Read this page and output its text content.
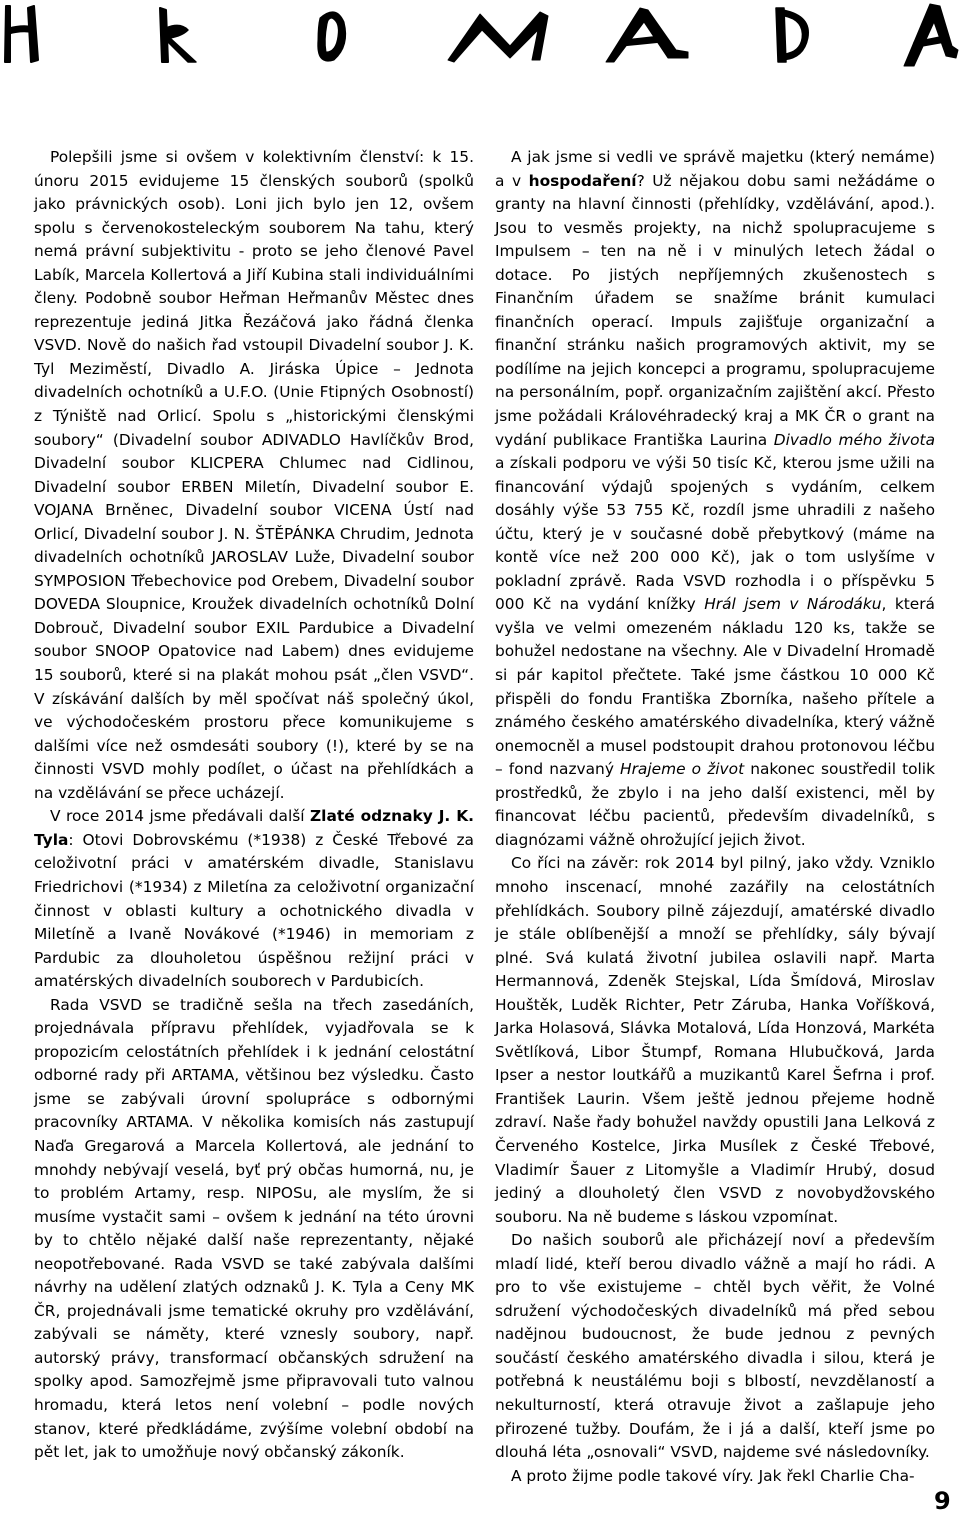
Polepšili jsme si ovšem v kolektivním členství: k 15. únoru 2015 evidujeme 15 členských souborů (spolků jako právnických osob). Loni jich bylo jen 12, ovšem spolu s červenokosteleckým souborem Na tahu, který nemá právní subjektivitu - proto se jeho členové Pavel Labík, Marcela Kollertová a Jiří Kubina stali individuálními členy. Podobně soubor Heřman Heřmanův Městec dnes reprezentuje jediná Jitka Řezáčová jako řádná členka VSVD. Nově do našich řad vstoupil Divadelní soubor J. K. Tyl Meziměstí, Divadlo A. Jiráska Úpice – Jednota divadelních ochotníků a U.F.O. (Unie Ftipných Osobností) z Týniště nad Orlicí. Spolu s „historickými členskými soubory“ (Divadelní soubor ADIVADLO Havlíčkův Brod, Divadelní soubor KLICPERA Chlumec nad Cidlinou, Divadelní soubor ERBEN Miletín, Divadelní soubor E. VOJANA Brněnec, Divadelní soubor VICENA Ústí nad Orlicí, Divadelní soubor J. N. ŠTĚPÁNKA Chrudim, Jednota divadelních ochotníků JAROSLAV Luže, Divadelní soubor SYMPOSION Třebechovice pod Orebem, Divadelní soubor DOVEDA Sloupnice, Kroužek divadelních ochotníků Dolní Dobrouč, Divadelní soubor EXIL Pardubice a Divadelní soubor SNOOP Opatovice nad Labem) dnes evidujeme 15 souborů, které si na plakát mohou psát „člen VSVD“. V získávání dalších by měl spočívat náš společný úkol, ve východočeském prostoru přece komunikujeme s dalšími více než osmdesáti soubory (!), které by se na činnosti VSVD mohly podílet, o účast na přehlídkách a na vzdělávání se přece ucházejí.

V roce 2014 jsme předávali další Zlaté odznaky J. K. Tyla: Otovi Dobrovskému (*1938) z České Třebové za celoživotní práci v amatérském divadle, Stanislavu Friedrichovi (*1934) z Miletína za celoživotní organizační činnost v oblasti kultury a ochotnického divadla v Miletíně a Ivaně Novákové (*1946) in memoriam z Pardubic za dlouholetou úspěšnou režijní práci v amatérských divadelních souborech v Pardubicích.

Rada VSVD se tradičně sešla na třech zasedáních, projednávala přípravu přehlídek, vyjadřovala se k propozicím celostátních přehlídek i k jednání celostátní odborné rady při ARTAMA, většinou bez výsledku. Často jsme se zabývali úrovní spolupráce s odbornými pracovníky ARTAMA. V několika komisích nás zastupují Naďa Gregarová a Marcela Kollertová, ale jednání to mnohdy nebývají veselá, byť prý občas humorná, nu, je to problém Artamy, resp. NIPOSu, ale myslím, že si musíme vystačit sami – ovšem k jednání na této úrovni by to chtělo nějaké další naše reprezentanty, nějaké neopotřebované. Rada VSVD se také zabývala dalšími návrhy na udělení zlatých odznaků J. K. Tyla a Ceny MK ČR, projednávali jsme tematické okruhy pro vzdělávání, zabývali se náměty, které vznesly soubory, např. autorský právy, transformací občanských sdružení na spolky apod. Samozřejmě jsme připravovali tuto valnou hromadu, která letos není volební – podle nových stanov, které předkládáme, zvýšíme volební období na pět let, jak to umožňuje nový občanský zákoník.

A jak jsme si vedli ve správě majetku (který nemáme) a v hospodaření? Už nějakou dobu sami nežádáme o granty na hlavní činnosti (přehlídky, vzdělávání, apod.). Jsou to vesměs projekty, na nichž spolupracujeme s Impulsem – ten na ně i v minulých letech žádal o dotace. Po jistých nepříjemných zkušenostech s Finančním úřadem se snažíme bránit kumulaci finančních operací. Impuls zajišťuje organizační a finanční stránku našich programových aktivit, my se podílíme na jejich koncepci a programu, spolupracujeme na personálním, popř. organizačním zajištění akcí. Přesto jsme požádali Královéhradecký kraj a MK ČR o grant na vydání publikace Františka Laurina Divadlo mého života a získali podporu ve výši 50 tisíc Kč, kterou jsme užili na financování výdajů spojených s vydáním, celkem dosáhly výše 53 755 Kč, rozdíl jsme uhradili z našeho účtu, který je v současné době přebytkový (máme na kontě více než 200 000 Kč), jak o tom uslyšíme v pokladní zprávě. Rada VSVD rozhodla i o příspěvku 5 000 Kč na vydání knížky Hrál jsem v Národáku, která vyšla ve velmi omezeném nákladu 120 ks, takže se bohužel nedostane na všechny. Ale v Divadelní Hromadě si pár kapitol přečtete. Také jsme částkou 10 000 Kč přispěli do fondu Františka Zborníka, našeho přítele a známého českého amatérského divadelníka, který vážně onemocněl a musel podstoupit drahou protonovou léčbu – fond nazvaný Hrajeme o život nakonec soustředil tolik prostředků, že zbylo i na jeho další existenci, měl by financovat léčbu pacientů, především divadelníků, s diagnózami vážně ohrožující jejich život.

Co říci na závěr: rok 2014 byl pilný, jako vždy. Vzniklo mnoho inscenací, mnohé zazářily na celostátních přehlídkách. Soubory pilně zájezdují, amatérské divadlo je stále oblíbenější a množí se přehlídky, sály bývají plné. Svá kulatá životní jubilea oslavili např. Marta Hermannová, Zdeněk Stejskal, Lída Šmídová, Miroslav Houštěk, Luděk Richter, Petr Záruba, Hanka Voříšková, Jarka Holasová, Slávka Motalová, Lída Honzová, Markéta Světlíková, Libor Štumpf, Romana Hlubučková, Jarda Ipser a nestor loutkářů a muzikantů Karel Šefrna i prof. František Laurin. Všem ještě jednou přejeme hodně zdraví. Naše řady bohužel navždy opustili Jana Lelková z Červeného Kostelce, Jirka Musílek z České Třebové, Vladimír Šauer z Litomyšle a Vladimír Hrubý, dosud jediný a dlouholetý člen VSVD z novobydžovského souboru. Na ně budeme s láskou vzpomínat.

Do našich souborů ale přicházejí noví a především mladí lidé, kteří berou divadlo vážně a mají ho rádi. A pro to vše existujeme – chtěl bych věřit, že Volné sdružení východočeských divadelníků má před sebou nadějnou budoucnost, že bude jednou z pevných součástí českého amatérského divadla i silou, která je potřebná k neustálému boji s blbostí, nevzdělaností a nekulturností, která otravuje život a zašlapuje jeho přirozené tužby. Doufám, že i já a další, kteří jsme po dlouhá léta „osnovali“ VSVD, najdeme své následovníky.

A proto žijme podle takové víry. Jak řekl Charlie Cha-

9
